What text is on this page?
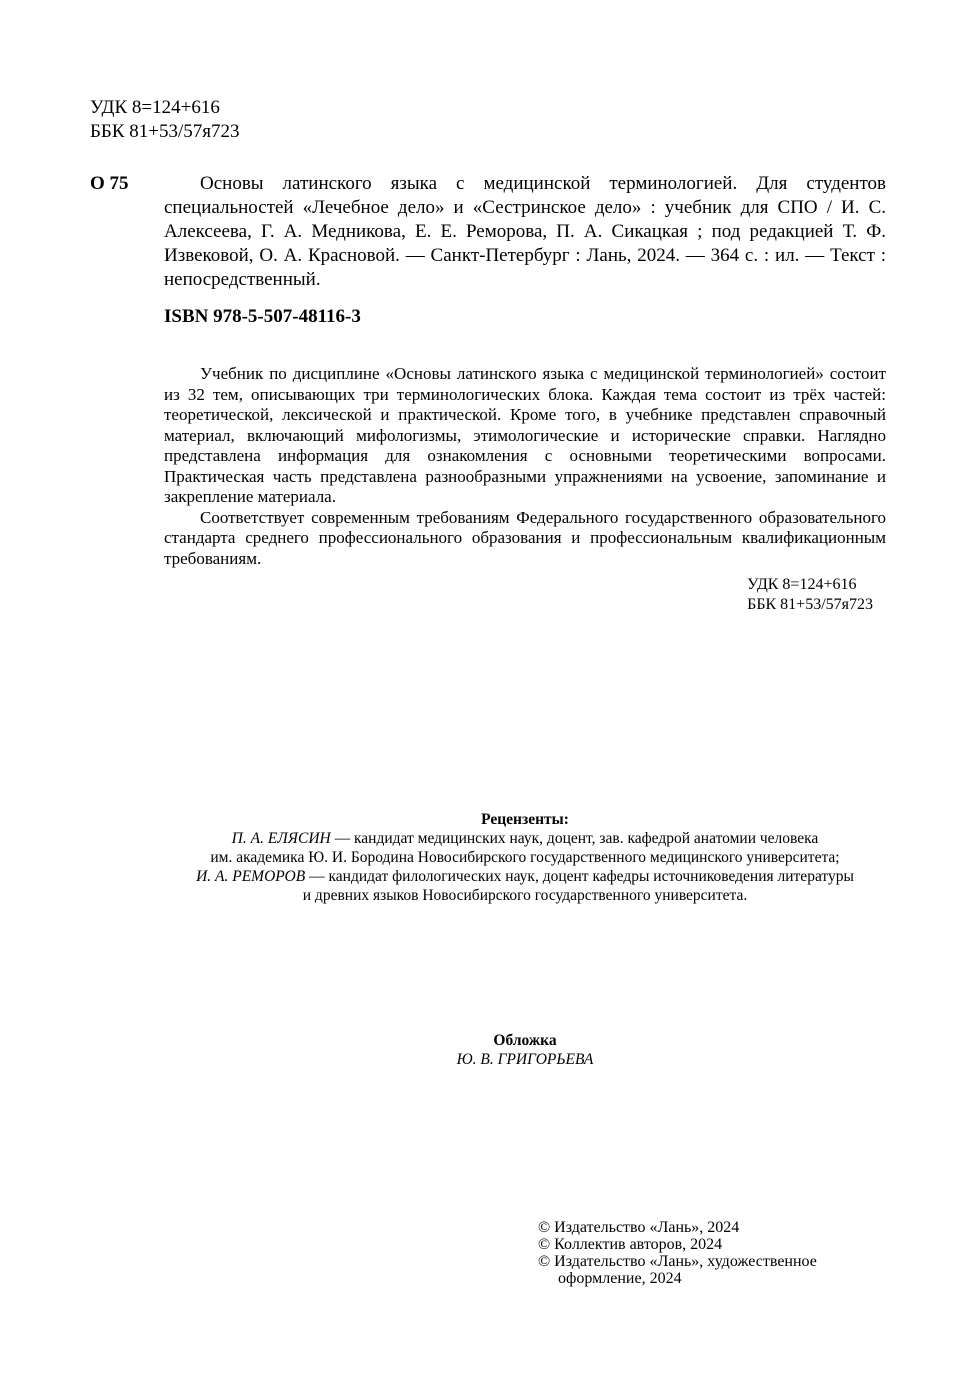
УДК 8=124+616
ББК 81+53/57я723
О 75	Основы латинского языка с медицинской терминологией. Для студентов специальностей «Лечебное дело» и «Сестринское дело» : учебник для СПО / И. С. Алексеева, Г. А. Медникова, Е. Е. Реморова, П. А. Сикацкая ; под редакцией Т. Ф. Извековой, О. А. Красновой. — Санкт-Петербург : Лань, 2024. — 364 с. : ил. — Текст : непосредственный.

ISBN 978-5-507-48116-3

Учебник по дисциплине «Основы латинского языка с медицинской терминологией» состоит из 32 тем, описывающих три терминологических блока. Каждая тема состоит из трёх частей: теоретической, лексической и практической. Кроме того, в учебнике представлен справочный материал, включающий мифологизмы, этимологические и исторические справки. Наглядно представлена информация для ознакомления с основными теоретическими вопросами. Практическая часть представлена разнообразными упражнениями на усвоение, запоминание и закрепление материала.

Соответствует современным требованиям Федерального государственного образовательного стандарта среднего профессионального образования и профессиональным квалификационным требованиям.

УДК 8=124+616
ББК 81+53/57я723
Рецензенты:
П. А. ЕЛЯСИН — кандидат медицинских наук, доцент, зав. кафедрой анатомии человека
им. академика Ю. И. Бородина Новосибирского государственного медицинского университета;
И. А. РЕМОРОВ — кандидат филологических наук, доцент кафедры источниковедения литературы
и древних языков Новосибирского государственного университета.
Обложка
Ю. В. ГРИГОРЬЕВА
© Издательство «Лань», 2024
© Коллектив авторов, 2024
© Издательство «Лань», художественное
оформление, 2024
